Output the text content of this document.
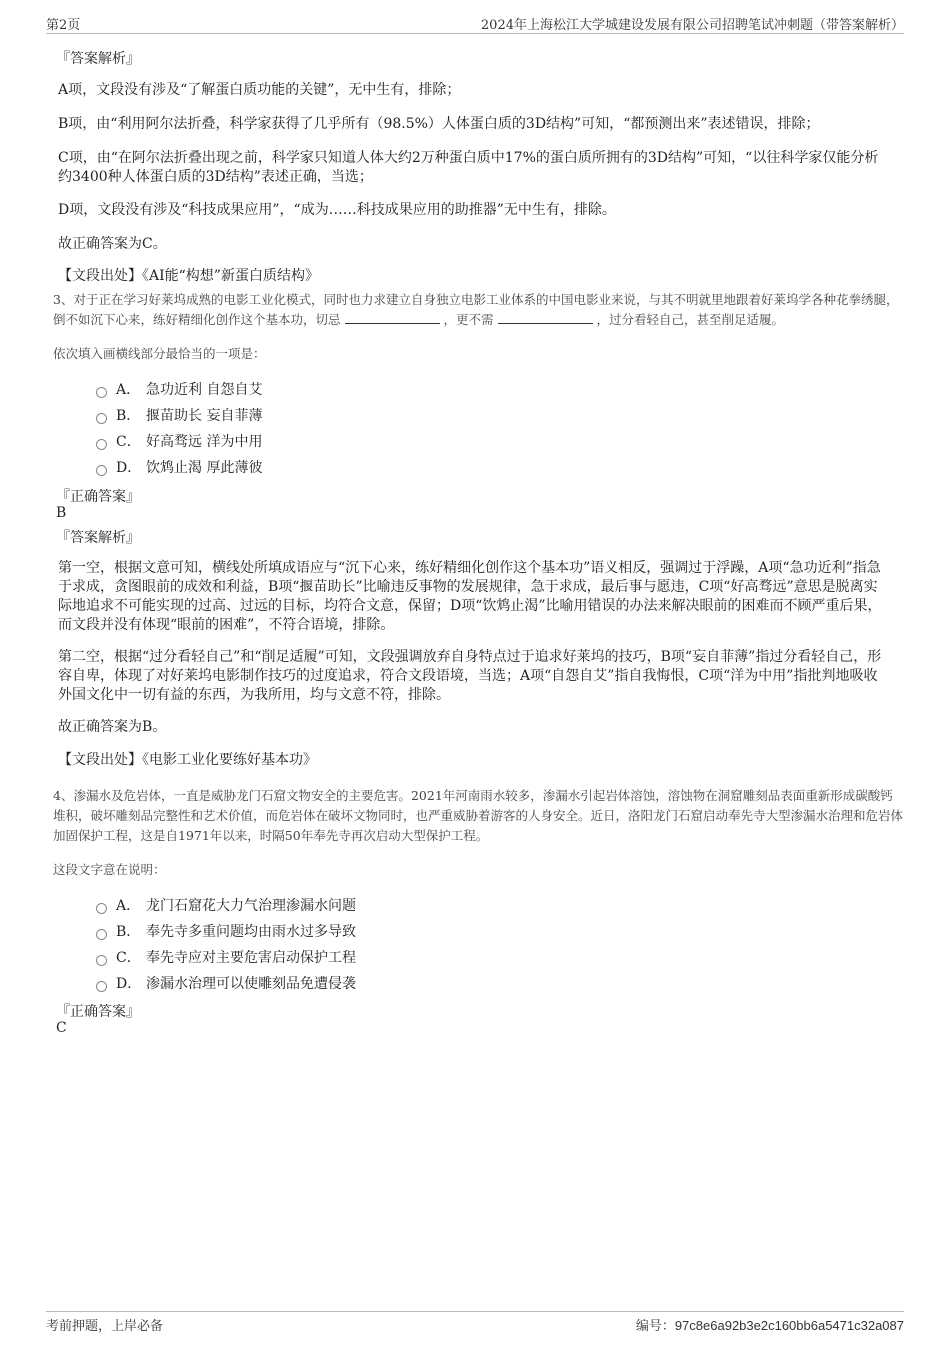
第2页	2024年上海松江大学城建设发展有限公司招聘笔试冲刺题（带答案解析）
『答案解析』
A项，文段没有涉及“了解蛋白质功能的关键”，无中生有，排除；
B项，由“利用阿尔法折叠，科学家获得了几乎所有（98.5%）人体蛋白质的3D结构”可知，“都预测出来”表述错误，排除；
C项，由“在阿尔法折叠出现之前，科学家只知道人体大约2万种蛋白质中17%的蛋白质所拥有的3D结构”可知，“以往科学家仅能分析约3400种人体蛋白质的3D结构”表述正确，当选；
D项，文段没有涉及“科技成果应用”，“成为……科技成果应用的助推器”无中生有，排除。
故正确答案为C。
【文段出处】《AI能“构想”新蛋白质结构》
3、对于正在学习好莱坞成熟的电影工业化模式，同时也力求建立自身独立电影工业体系的中国电影业来说，与其不明就里地跟着好莱坞学各种花拳绣腿，倒不如沉下心来，练好精细化创作这个基本功，切忌	，更不需	，过分看轻自己，甚至削足适履。
依次填入画横线部分最恰当的一项是：
A． 急功近利 自怨自艾
B． 揠苗助长 妄自菲薄
C． 好高骛远 洋为中用
D． 饮鸩止渴 厚此薄彼
『正确答案』
B
『答案解析』
第一空，根据文意可知，横线处所填成语应与“沉下心来，练好精细化创作这个基本功”语义相反，强调过于浮躁，A项“急功近利”指急于求成，贪图眼前的成效和利益，B项“揠苗助长”比喻违反事物的发展规律，急于求成，最后事与愿违，C项“好高骛远”意思是脱离实际地追求不可能实现的过高、过远的目标，均符合文意，保留；D项“饮鸩止渴”比喻用错误的办法来解决眼前的困难而不顾严重后果，而文段并没有体现“眼前的困难”，不符合语境，排除。
第二空，根据“过分看轻自己”和“削足适履”可知，文段强调放弃自身特点过于追求好莱坞的技巧，B项“妄自菲薄”指过分看轻自己，形容自卑，体现了对好莱坞电影制作技巧的过度追求，符合文段语境，当选；A项“自怨自艾”指自我悔恨，C项“洋为中用”指批判地吸收外国文化中一切有益的东西，为我所用，均与文意不符，排除。
故正确答案为B。
【文段出处】《电影工业化要练好基本功》
4、渗漏水及危岩体，一直是威胁龙门石窟文物安全的主要危害。2021年河南雨水较多，渗漏水引起岩体溶蚀，溶蚀物在洞窟雕刻品表面重新形成碳酸钙堆积，破坏雕刻品完整性和艺术价值，而危岩体在破坏文物同时，也严重威胁着游客的人身安全。近日，洛阳龙门石窟启动奉先寺大型渗漏水治理和危岩体加固保护工程，这是自1971年以来，时隔50年奉先寺再次启动大型保护工程。
这段文字意在说明：
A． 龙门石窟花大力气治理渗漏水问题
B． 奉先寺多重问题均由雨水过多导致
C． 奉先寺应对主要危害启动保护工程
D． 渗漏水治理可以使雕刻品免遭侵袭
『正确答案』
C
考前押题，上岸必备	编号：97c8e6a92b3e2c160bb6a5471c32a087
